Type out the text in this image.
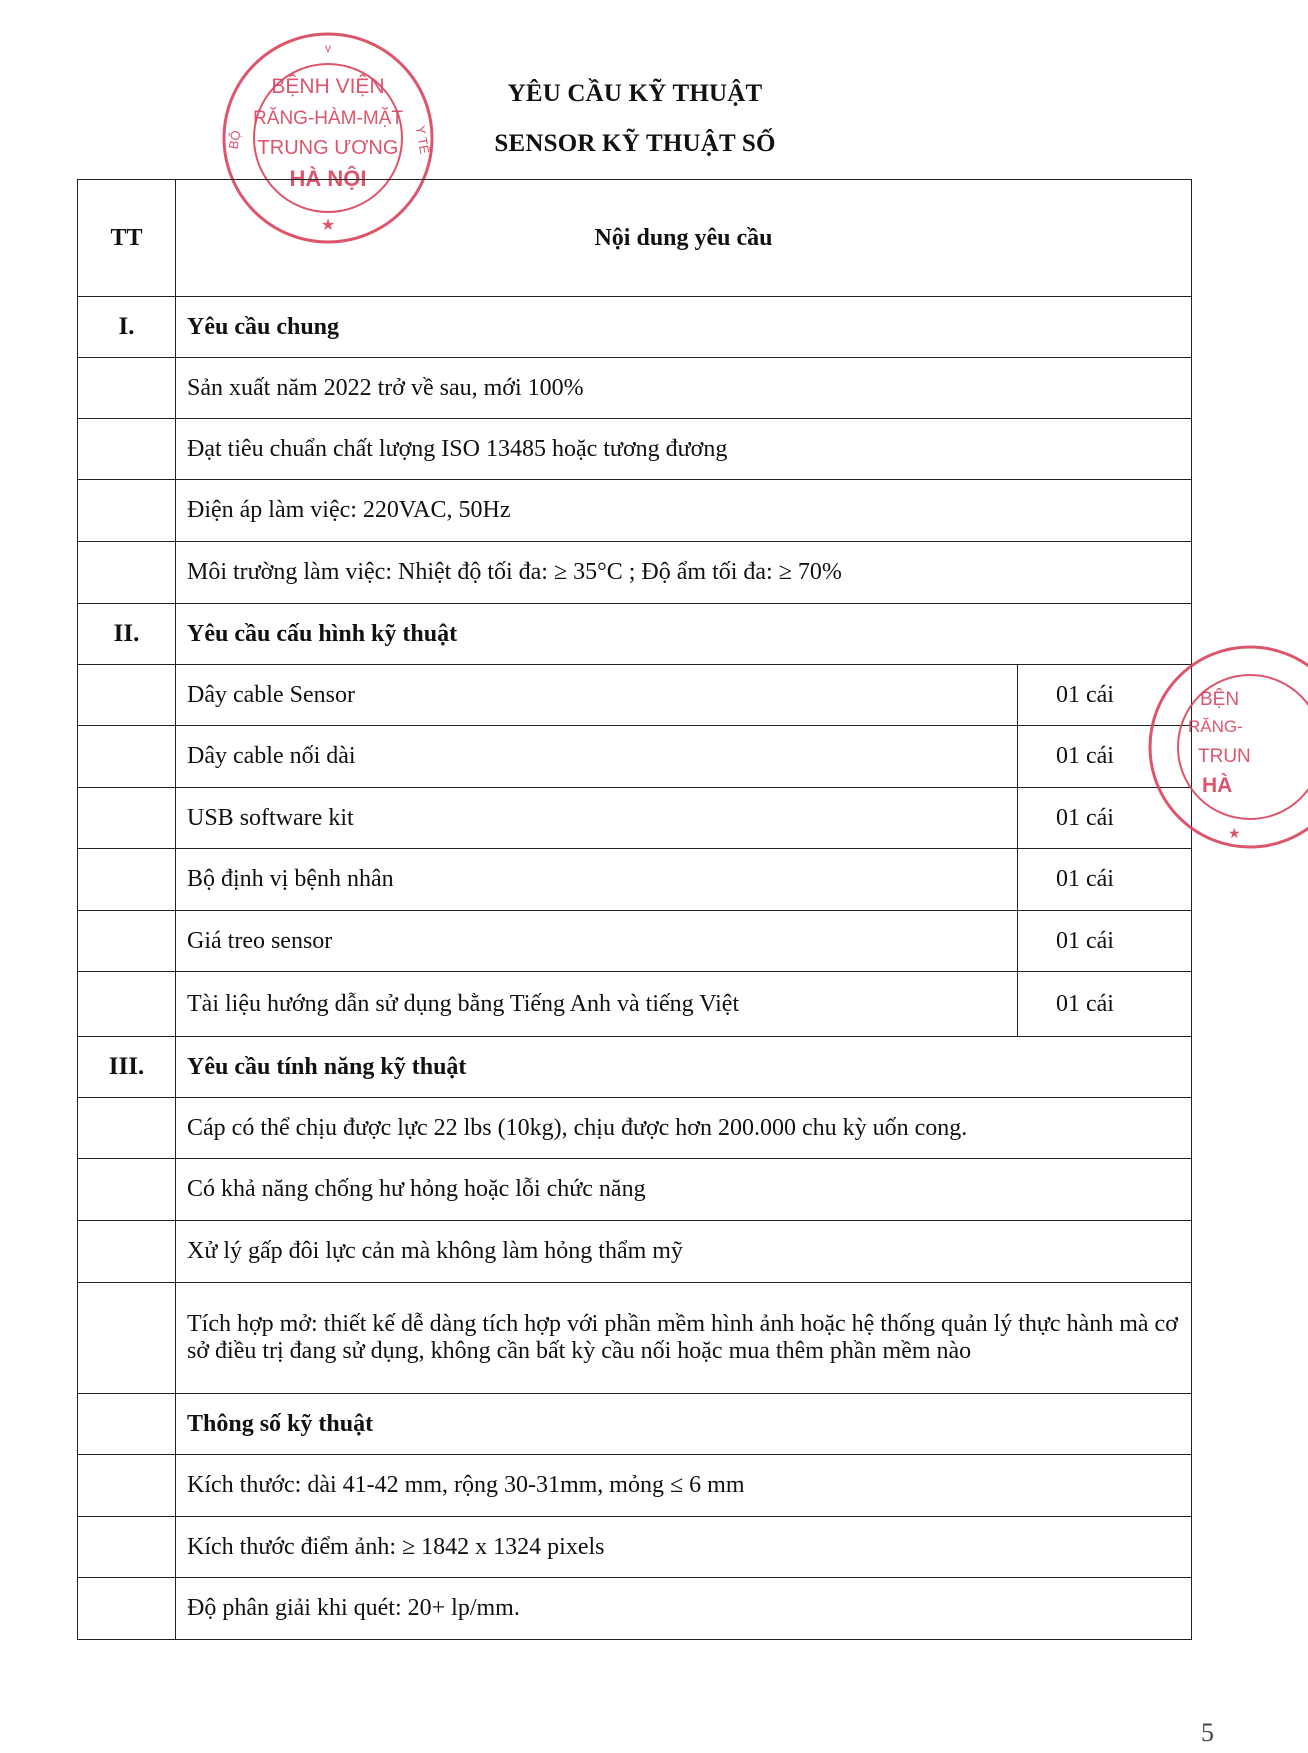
YÊU CẦU KỸ THUẬT
SENSOR KỸ THUẬT SỐ
BỆNH VIỆN
RĂNG-HÀM-MẶT
TRUNG ƯƠNG
HÀ NỘI
BỘ	Y TẾ
★
v
TT	Nội dung yêu cầu	
I.	Yêu cầu chung	
	Sản xuất năm 2022 trở về sau, mới 100%	
	Đạt tiêu chuẩn chất lượng ISO 13485 hoặc tương đương	
	Điện áp làm việc: 220VAC, 50Hz	
	Môi trường làm việc: Nhiệt độ tối đa: ≥ 35°C ; Độ ẩm tối đa: ≥ 70%	
II.	Yêu cầu cấu hình kỹ thuật	
	Dây cable Sensor	01 cái
	Dây cable nối dài	01 cái
	USB software kit	01 cái
	Bộ định vị bệnh nhân	01 cái
	Giá treo sensor	01 cái
	Tài liệu hướng dẫn sử dụng bằng Tiếng Anh và tiếng Việt	01 cái
III.	Yêu cầu tính năng kỹ thuật	
	Cáp có thể chịu được lực 22 lbs (10kg), chịu được hơn 200.000 chu kỳ uốn cong.	
	Có khả năng chống hư hỏng hoặc lỗi chức năng	
	Xử lý gấp đôi lực cản mà không làm hỏng thẩm mỹ	
	Tích hợp mở: thiết kế dễ dàng tích hợp với phần mềm hình ảnh hoặc hệ thống quản lý thực hành mà cơ sở điều trị đang sử dụng, không cần bất kỳ cầu nối hoặc mua thêm phần mềm nào	
	Thông số kỹ thuật	
	Kích thước: dài 41-42 mm, rộng 30-31mm, mỏng ≤ 6 mm	
	Kích thước điểm ảnh: ≥ 1842 x 1324 pixels	
	Độ phân giải khi quét: 20+ lp/mm.	
BỆN
RĂNG-
TRUN
HÀ
★
5
